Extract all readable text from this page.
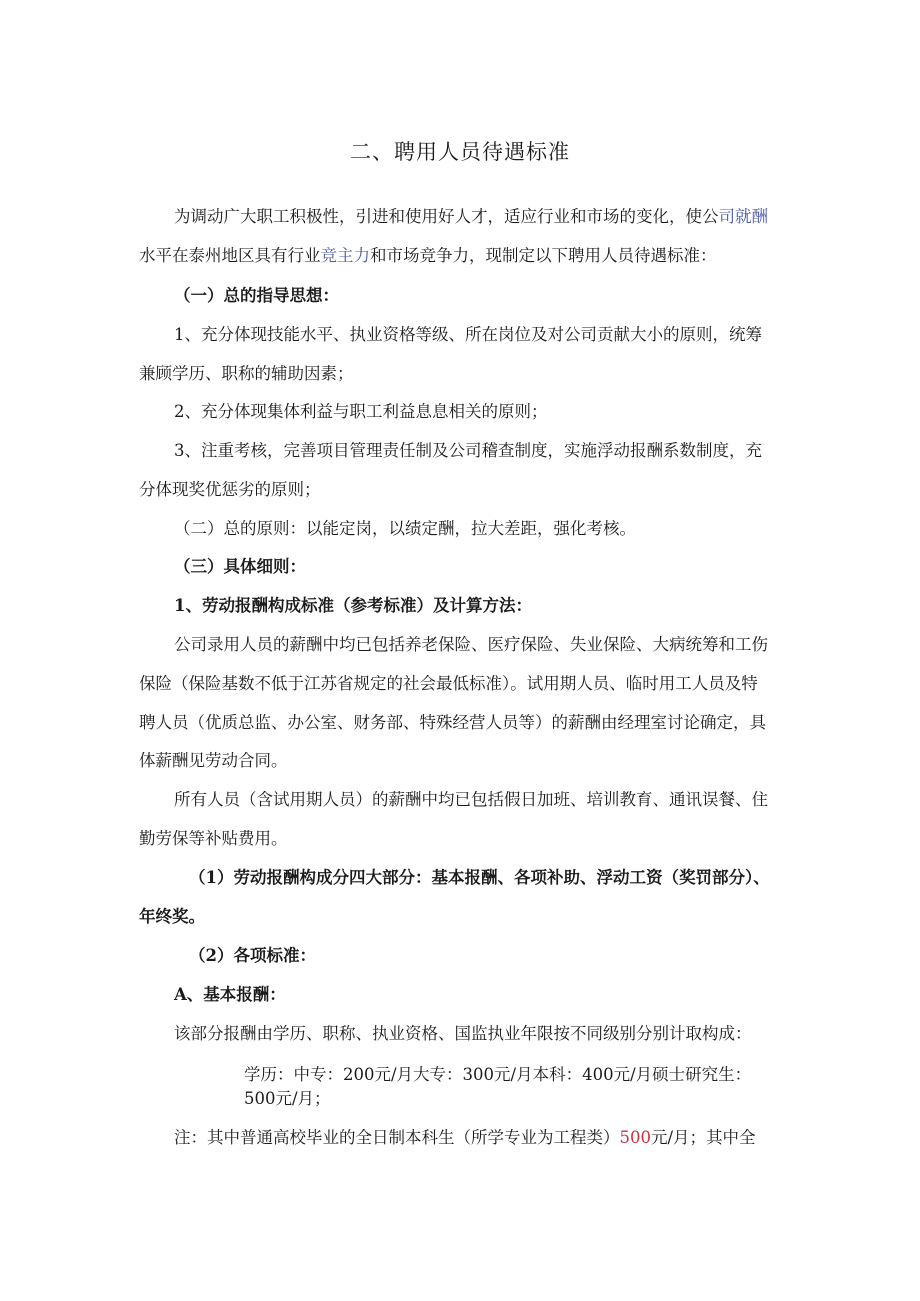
二、聘用人员待遇标准
为调动广大职工积极性，引进和使用好人才，适应行业和市场的变化，使公司就酬
水平在泰州地区具有行业竞主力和市场竞争力，现制定以下聘用人员待遇标准：
（一）总的指导思想：
1、充分体现技能水平、执业资格等级、所在岗位及对公司贡献大小的原则，统筹
兼顾学历、职称的辅助因素；
2、充分体现集体利益与职工利益息息相关的原则；
3、注重考核，完善项目管理责任制及公司稽查制度，实施浮动报酬系数制度，充
分体现奖优惩劣的原则；
（二）总的原则：以能定岗，以绩定酬，拉大差距，强化考核。
（三）具体细则：
1、劳动报酬构成标准（参考标准）及计算方法：
公司录用人员的薪酬中均已包括养老保险、医疗保险、失业保险、大病统筹和工伤
保险（保险基数不低于江苏省规定的社会最低标准）。试用期人员、临时用工人员及特
聘人员（优质总监、办公室、财务部、特殊经营人员等）的薪酬由经理室讨论确定，具
体薪酬见劳动合同。
所有人员（含试用期人员）的薪酬中均已包括假日加班、培训教育、通讯误餐、住
勤劳保等补贴费用。
（1）劳动报酬构成分四大部分：基本报酬、各项补助、浮动工资（奖罚部分）、
年终奖。
（2）各项标准：
A、基本报酬：
该部分报酬由学历、职称、执业资格、国监执业年限按不同级别分别计取构成：
学历：中专：200元/月大专：300元/月本科：400元/月硕士研究生：
500元/月；
注：其中普通高校毕业的全日制本科生（所学专业为工程类）500元/月；其中全
